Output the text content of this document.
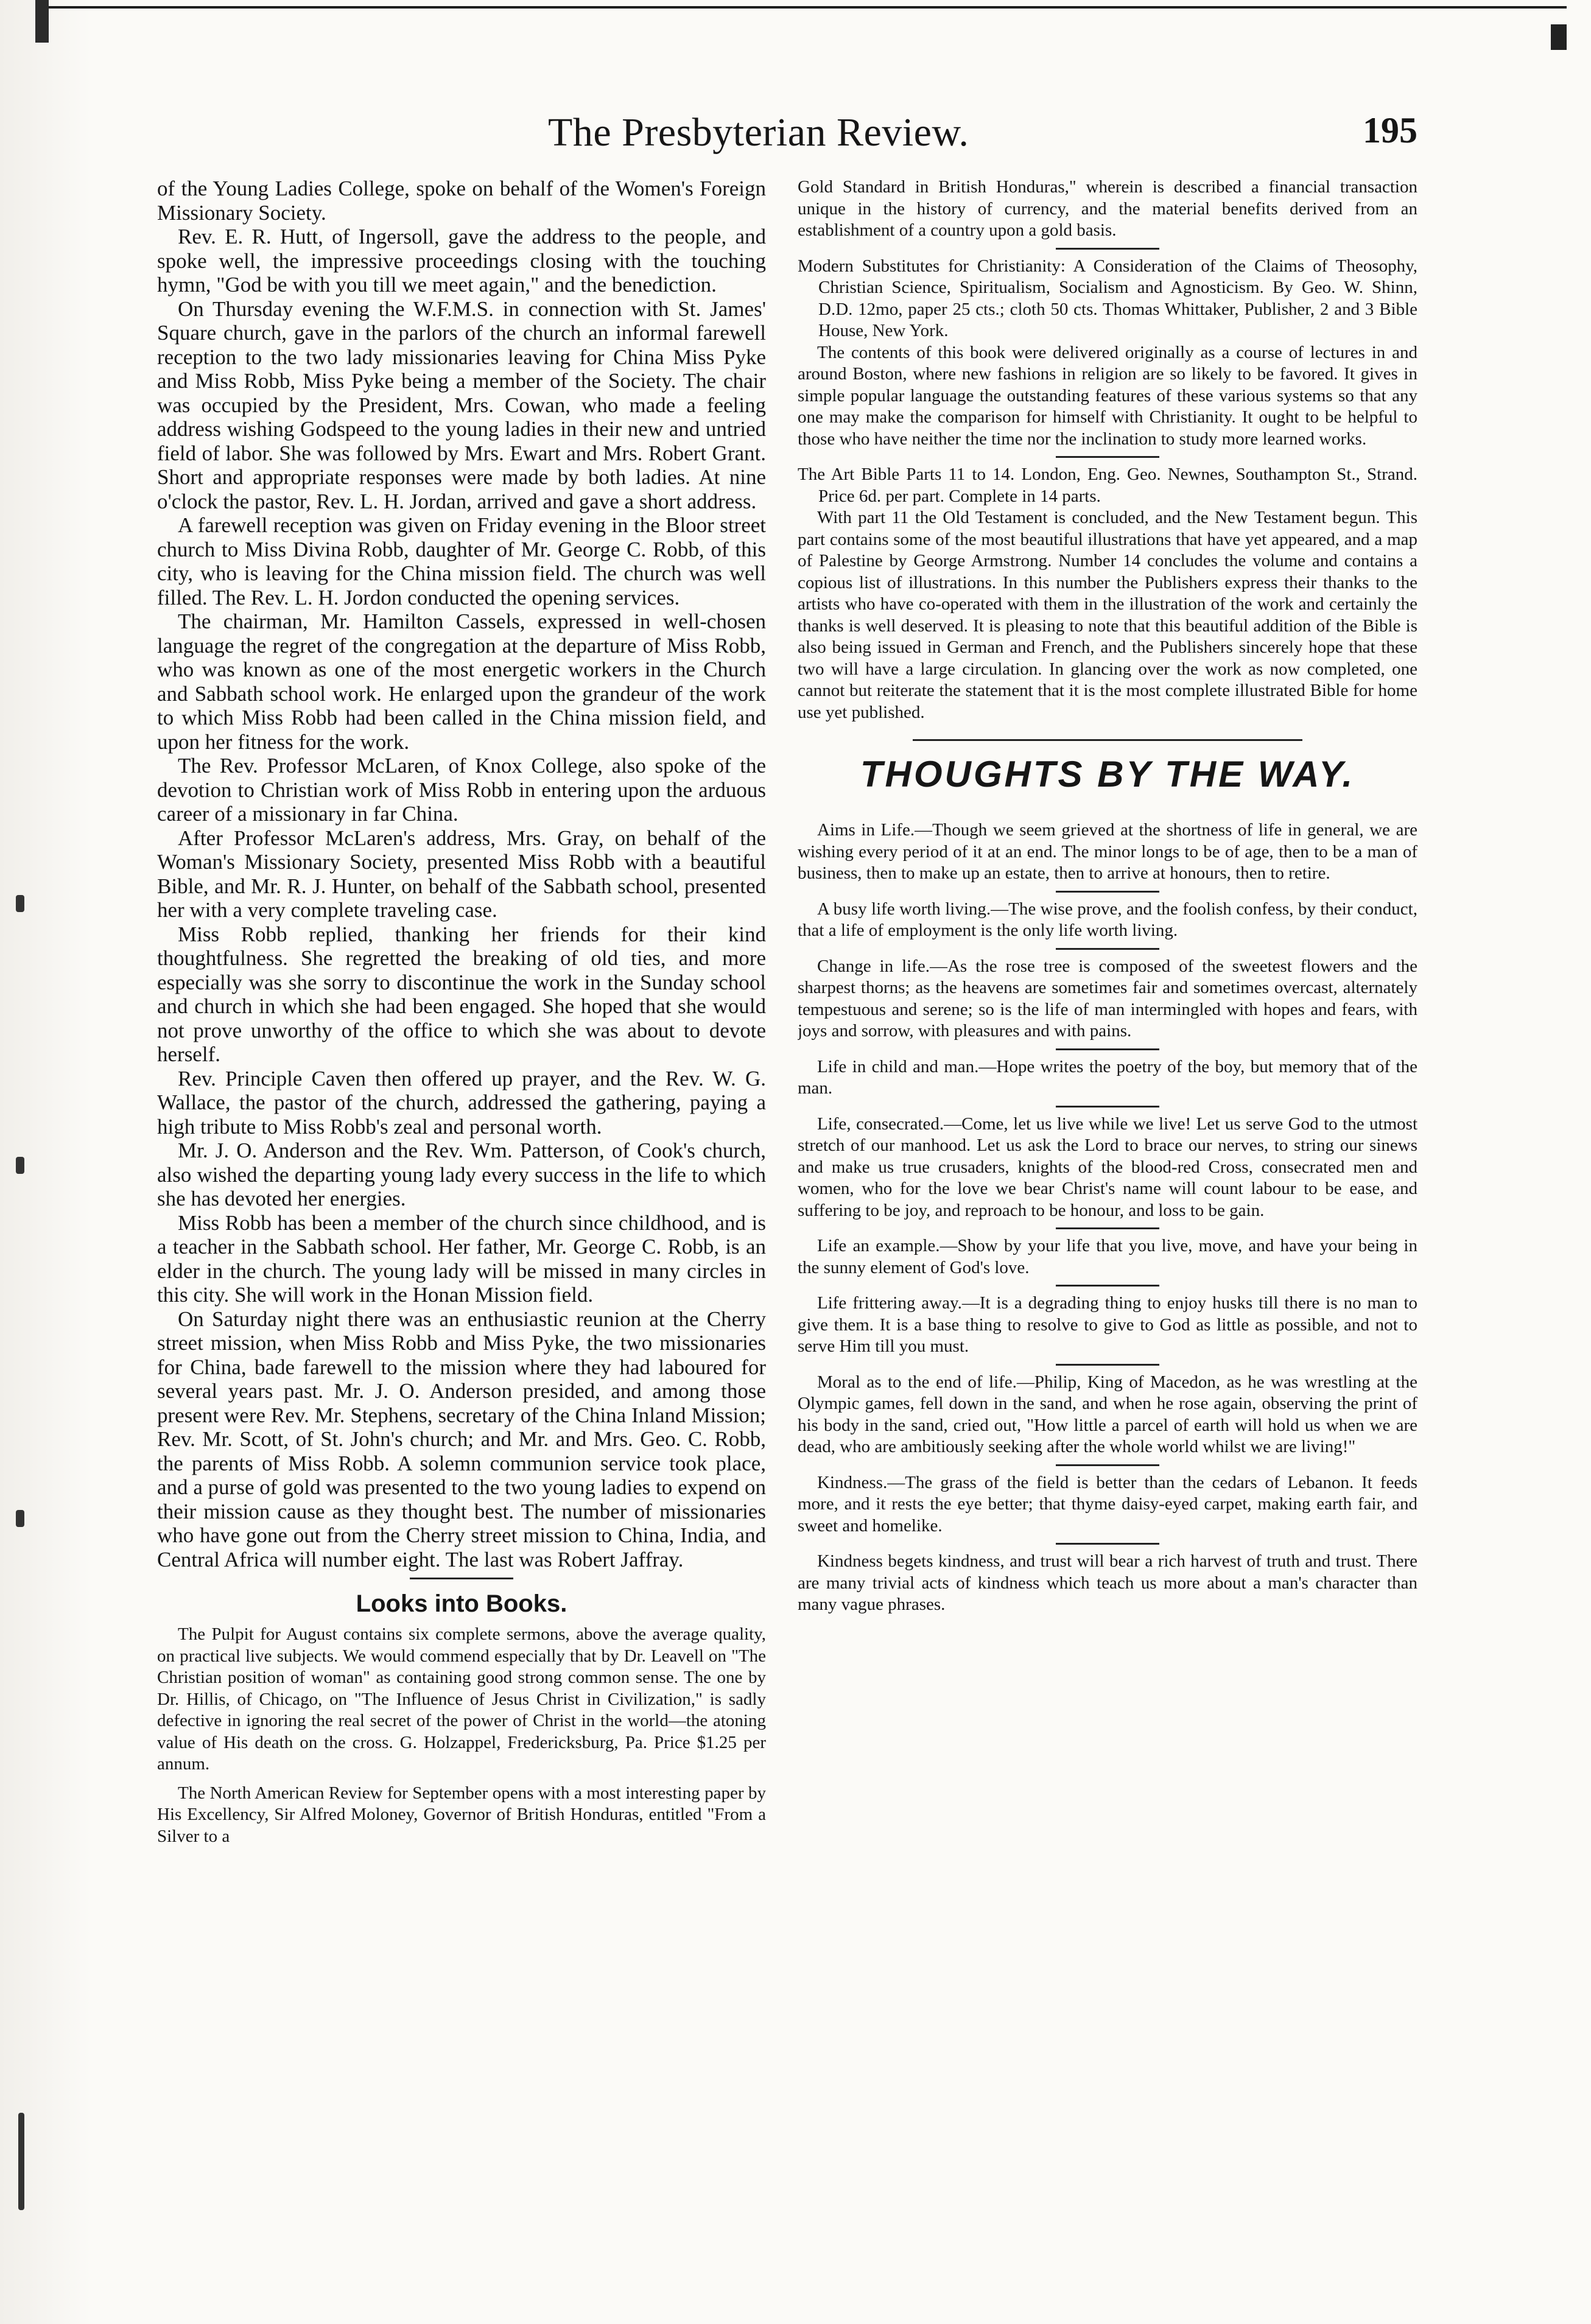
The Presbyterian Review.	195

of the Young Ladies College, spoke on behalf of the Women's Foreign Missionary Society.

Rev. E. R. Hutt, of Ingersoll, gave the address to the people, and spoke well, the impressive proceedings closing with the touching hymn, "God be with you till we meet again," and the benediction.

On Thursday evening the W.F.M.S. in connection with St. James' Square church, gave in the parlors of the church an informal farewell reception to the two lady missionaries leaving for China Miss Pyke and Miss Robb, Miss Pyke being a member of the Society. The chair was occupied by the President, Mrs. Cowan, who made a feeling address wishing Godspeed to the young ladies in their new and untried field of labor. She was followed by Mrs. Ewart and Mrs. Robert Grant. Short and appropriate responses were made by both ladies. At nine o'clock the pastor, Rev. L. H. Jordan, arrived and gave a short address.

A farewell reception was given on Friday evening in the Bloor street church to Miss Divina Robb, daughter of Mr. George C. Robb, of this city, who is leaving for the China mission field. The church was well filled. The Rev. L. H. Jordon conducted the opening services.

The chairman, Mr. Hamilton Cassels, expressed in well-chosen language the regret of the congregation at the departure of Miss Robb, who was known as one of the most energetic workers in the Church and Sabbath school work. He enlarged upon the grandeur of the work to which Miss Robb had been called in the China mission field, and upon her fitness for the work.

The Rev. Professor McLaren, of Knox College, also spoke of the devotion to Christian work of Miss Robb in entering upon the arduous career of a missionary in far China.

After Professor McLaren's address, Mrs. Gray, on behalf of the Woman's Missionary Society, presented Miss Robb with a beautiful Bible, and Mr. R. J. Hunter, on behalf of the Sabbath school, presented her with a very complete traveling case.

Miss Robb replied, thanking her friends for their kind thoughtfulness. She regretted the breaking of old ties, and more especially was she sorry to discontinue the work in the Sunday school and church in which she had been engaged. She hoped that she would not prove unworthy of the office to which she was about to devote herself.

Rev. Principle Caven then offered up prayer, and the Rev. W. G. Wallace, the pastor of the church, addressed the gathering, paying a high tribute to Miss Robb's zeal and personal worth.

Mr. J. O. Anderson and the Rev. Wm. Patterson, of Cook's church, also wished the departing young lady every success in the life to which she has devoted her energies.

Miss Robb has been a member of the church since childhood, and is a teacher in the Sabbath school. Her father, Mr. George C. Robb, is an elder in the church. The young lady will be missed in many circles in this city. She will work in the Honan Mission field.

On Saturday night there was an enthusiastic reunion at the Cherry street mission, when Miss Robb and Miss Pyke, the two missionaries for China, bade farewell to the mission where they had laboured for several years past. Mr. J. O. Anderson presided, and among those present were Rev. Mr. Stephens, secretary of the China Inland Mission; Rev. Mr. Scott, of St. John's church; and Mr. and Mrs. Geo. C. Robb, the parents of Miss Robb. A solemn communion service took place, and a purse of gold was presented to the two young ladies to expend on their mission cause as they thought best. The number of missionaries who have gone out from the Cherry street mission to China, India, and Central Africa will number eight. The last was Robert Jaffray.

Looks into Books.

The Pulpit for August contains six complete sermons, above the average quality, on practical live subjects. We would commend especially that by Dr. Leavell on "The Christian position of woman" as containing good strong common sense. The one by Dr. Hillis, of Chicago, on "The Influence of Jesus Christ in Civilization," is sadly defective in ignoring the real secret of the power of Christ in the world—the atoning value of His death on the cross. G. Holzappel, Fredericksburg, Pa. Price $1.25 per annum.

The North American Review for September opens with a most interesting paper by His Excellency, Sir Alfred Moloney, Governor of British Honduras, entitled "From a Silver to a

Gold Standard in British Honduras," wherein is described a financial transaction unique in the history of currency, and the material benefits derived from an establishment of a country upon a gold basis.

Modern Substitutes for Christianity: A Consideration of the Claims of Theosophy, Christian Science, Spiritualism, Socialism and Agnosticism. By Geo. W. Shinn, D.D. 12mo, paper 25 cts.; cloth 50 cts. Thomas Whittaker, Publisher, 2 and 3 Bible House, New York.

The contents of this book were delivered originally as a course of lectures in and around Boston, where new fashions in religion are so likely to be favored. It gives in simple popular language the outstanding features of these various systems so that any one may make the comparison for himself with Christianity. It ought to be helpful to those who have neither the time nor the inclination to study more learned works.

The Art Bible Parts 11 to 14. London, Eng. Geo. Newnes, Southampton St., Strand. Price 6d. per part. Complete in 14 parts.

With part 11 the Old Testament is concluded, and the New Testament begun. This part contains some of the most beautiful illustrations that have yet appeared, and a map of Palestine by George Armstrong. Number 14 concludes the volume and contains a copious list of illustrations. In this number the Publishers express their thanks to the artists who have co-operated with them in the illustration of the work and certainly the thanks is well deserved. It is pleasing to note that this beautiful addition of the Bible is also being issued in German and French, and the Publishers sincerely hope that these two will have a large circulation. In glancing over the work as now completed, one cannot but reiterate the statement that it is the most complete illustrated Bible for home use yet published.

THOUGHTS BY THE WAY.

Aims in Life.—Though we seem grieved at the shortness of life in general, we are wishing every period of it at an end. The minor longs to be of age, then to be a man of business, then to make up an estate, then to arrive at honours, then to retire.

A busy life worth living.—The wise prove, and the foolish confess, by their conduct, that a life of employment is the only life worth living.

Change in life.—As the rose tree is composed of the sweetest flowers and the sharpest thorns; as the heavens are sometimes fair and sometimes overcast, alternately tempestuous and serene; so is the life of man intermingled with hopes and fears, with joys and sorrow, with pleasures and with pains.

Life in child and man.—Hope writes the poetry of the boy, but memory that of the man.

Life, consecrated.—Come, let us live while we live! Let us serve God to the utmost stretch of our manhood. Let us ask the Lord to brace our nerves, to string our sinews and make us true crusaders, knights of the blood-red Cross, consecrated men and women, who for the love we bear Christ's name will count labour to be ease, and suffering to be joy, and reproach to be honour, and loss to be gain.

Life an example.—Show by your life that you live, move, and have your being in the sunny element of God's love.

Life frittering away.—It is a degrading thing to enjoy husks till there is no man to give them. It is a base thing to resolve to give to God as little as possible, and not to serve Him till you must.

Moral as to the end of life.—Philip, King of Macedon, as he was wrestling at the Olympic games, fell down in the sand, and when he rose again, observing the print of his body in the sand, cried out, "How little a parcel of earth will hold us when we are dead, who are ambitiously seeking after the whole world whilst we are living!"

Kindness.—The grass of the field is better than the cedars of Lebanon. It feeds more, and it rests the eye better; that thyme daisy-eyed carpet, making earth fair, and sweet and homelike.

Kindness begets kindness, and trust will bear a rich harvest of truth and trust. There are many trivial acts of kindness which teach us more about a man's character than many vague phrases.
